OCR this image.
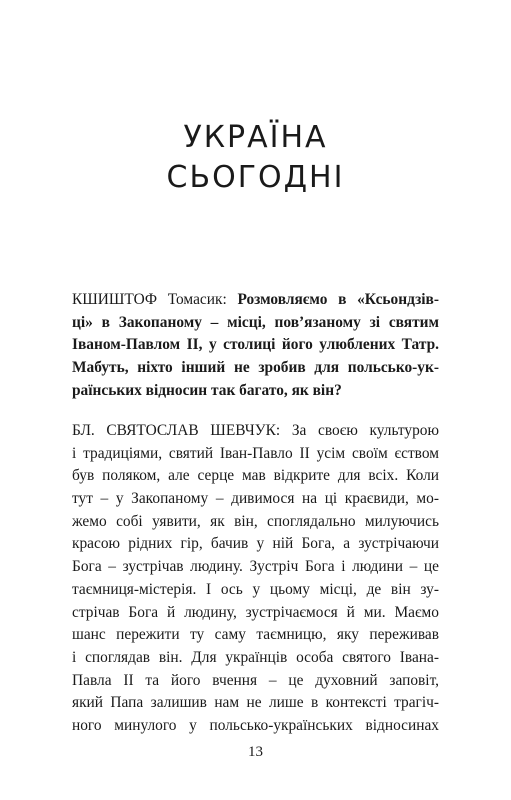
УКРАЇНА
СЬОГОДНІ
КШИШТОФ Томасик: Розмовляємо в «Ксьондзів-
ці» в Закопаному – місці, пов’язаному зі святим
Іваном-Павлом ІІ, у столиці його улюблених Татр.
Мабуть, ніхто інший не зробив для польсько-ук-
раїнських відносин так багато, як він?
БЛ. СВЯТОСЛАВ ШЕВЧУК: За своєю культурою
і традиціями, святий Іван-Павло ІІ усім своїм єством
був поляком, але серце мав відкрите для всіх. Коли
тут – у Закопаному – дивимося на ці краєвиди, мо-
жемо собі уявити, як він, споглядально милуючись
красою рідних гір, бачив у ній Бога, а зустрічаючи
Бога – зустрічав людину. Зустріч Бога і людини – це
таємниця-містерія. І ось у цьому місці, де він зу-
стрічав Бога й людину, зустрічаємося й ми. Маємо
шанс пережити ту саму таємницю, яку переживав
і споглядав він. Для українців особа святого Івана-
Павла ІІ та його вчення – це духовний заповіт,
який Папа залишив нам не лише в контексті трагіч-
ного минулого у польсько-українських відносинах
13
